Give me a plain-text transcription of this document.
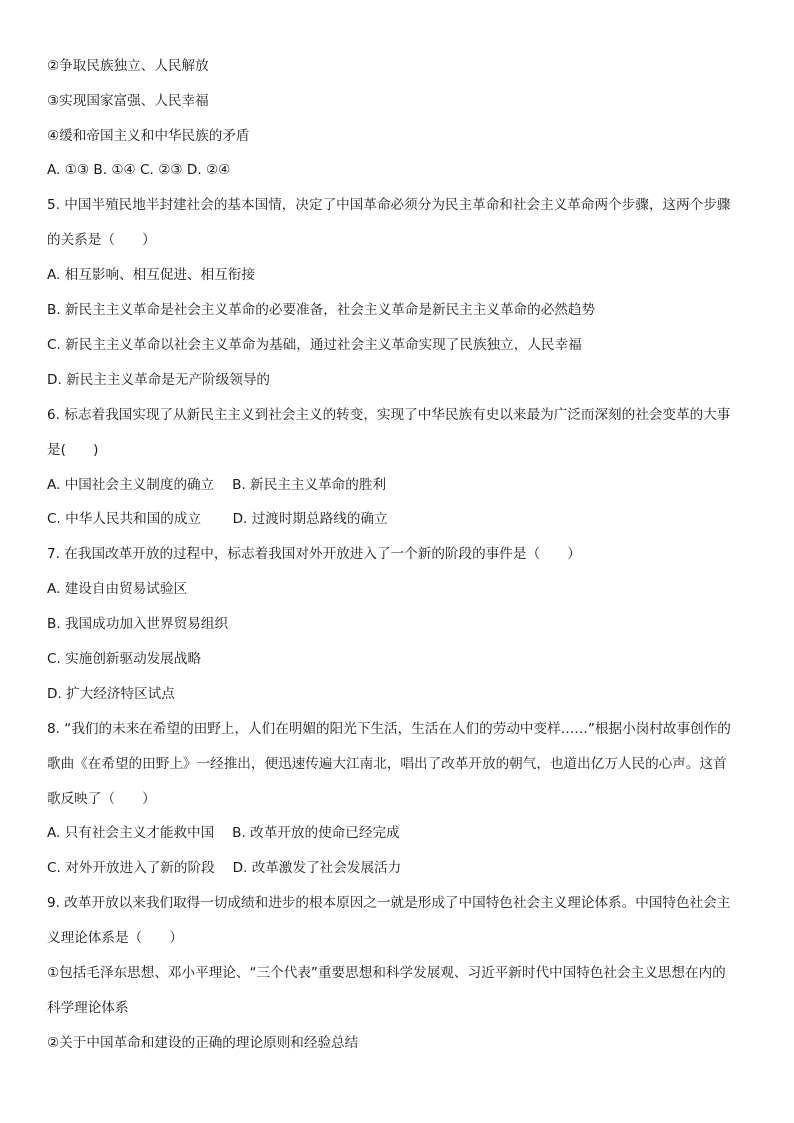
②争取民族独立、人民解放
③实现国家富强、人民幸福
④缓和帝国主义和中华民族的矛盾
A. ①③ B. ①④ C. ②③ D. ②④
5. 中国半殖民地半封建社会的基本国情，决定了中国革命必须分为民主革命和社会主义革命两个步骤，这两个步骤
的关系是（　　）
A. 相互影响、相互促进、相互衔接
B. 新民主主义革命是社会主义革命的必要准备，社会主义革命是新民主主义革命的必然趋势
C. 新民主主义革命以社会主义革命为基础，通过社会主义革命实现了民族独立，人民幸福
D. 新民主主义革命是无产阶级领导的
6. 标志着我国实现了从新民主主义到社会主义的转变，实现了中华民族有史以来最为广泛而深刻的社会变革的大事
是(　　)
A. 中国社会主义制度的确立　 B. 新民主主义革命的胜利
C. 中华人民共和国的成立　　 D. 过渡时期总路线的确立
7. 在我国改革开放的过程中，标志着我国对外开放进入了一个新的阶段的事件是（　　）
A. 建设自由贸易试验区
B. 我国成功加入世界贸易组织
C. 实施创新驱动发展战略
D. 扩大经济特区试点
8. “我们的未来在希望的田野上，人们在明媚的阳光下生活，生活在人们的劳动中变样……”根据小岗村故事创作的
歌曲《在希望的田野上》一经推出，便迅速传遍大江南北，唱出了改革开放的朝气，也道出亿万人民的心声。这首
歌反映了（　　）
A. 只有社会主义才能救中国　 B. 改革开放的使命已经完成
C. 对外开放进入了新的阶段　 D. 改革激发了社会发展活力
9. 改革开放以来我们取得一切成绩和进步的根本原因之一就是形成了中国特色社会主义理论体系。中国特色社会主
义理论体系是（　　）
①包括毛泽东思想、邓小平理论、“三个代表”重要思想和科学发展观、习近平新时代中国特色社会主义思想在内的
科学理论体系
②关于中国革命和建设的正确的理论原则和经验总结
